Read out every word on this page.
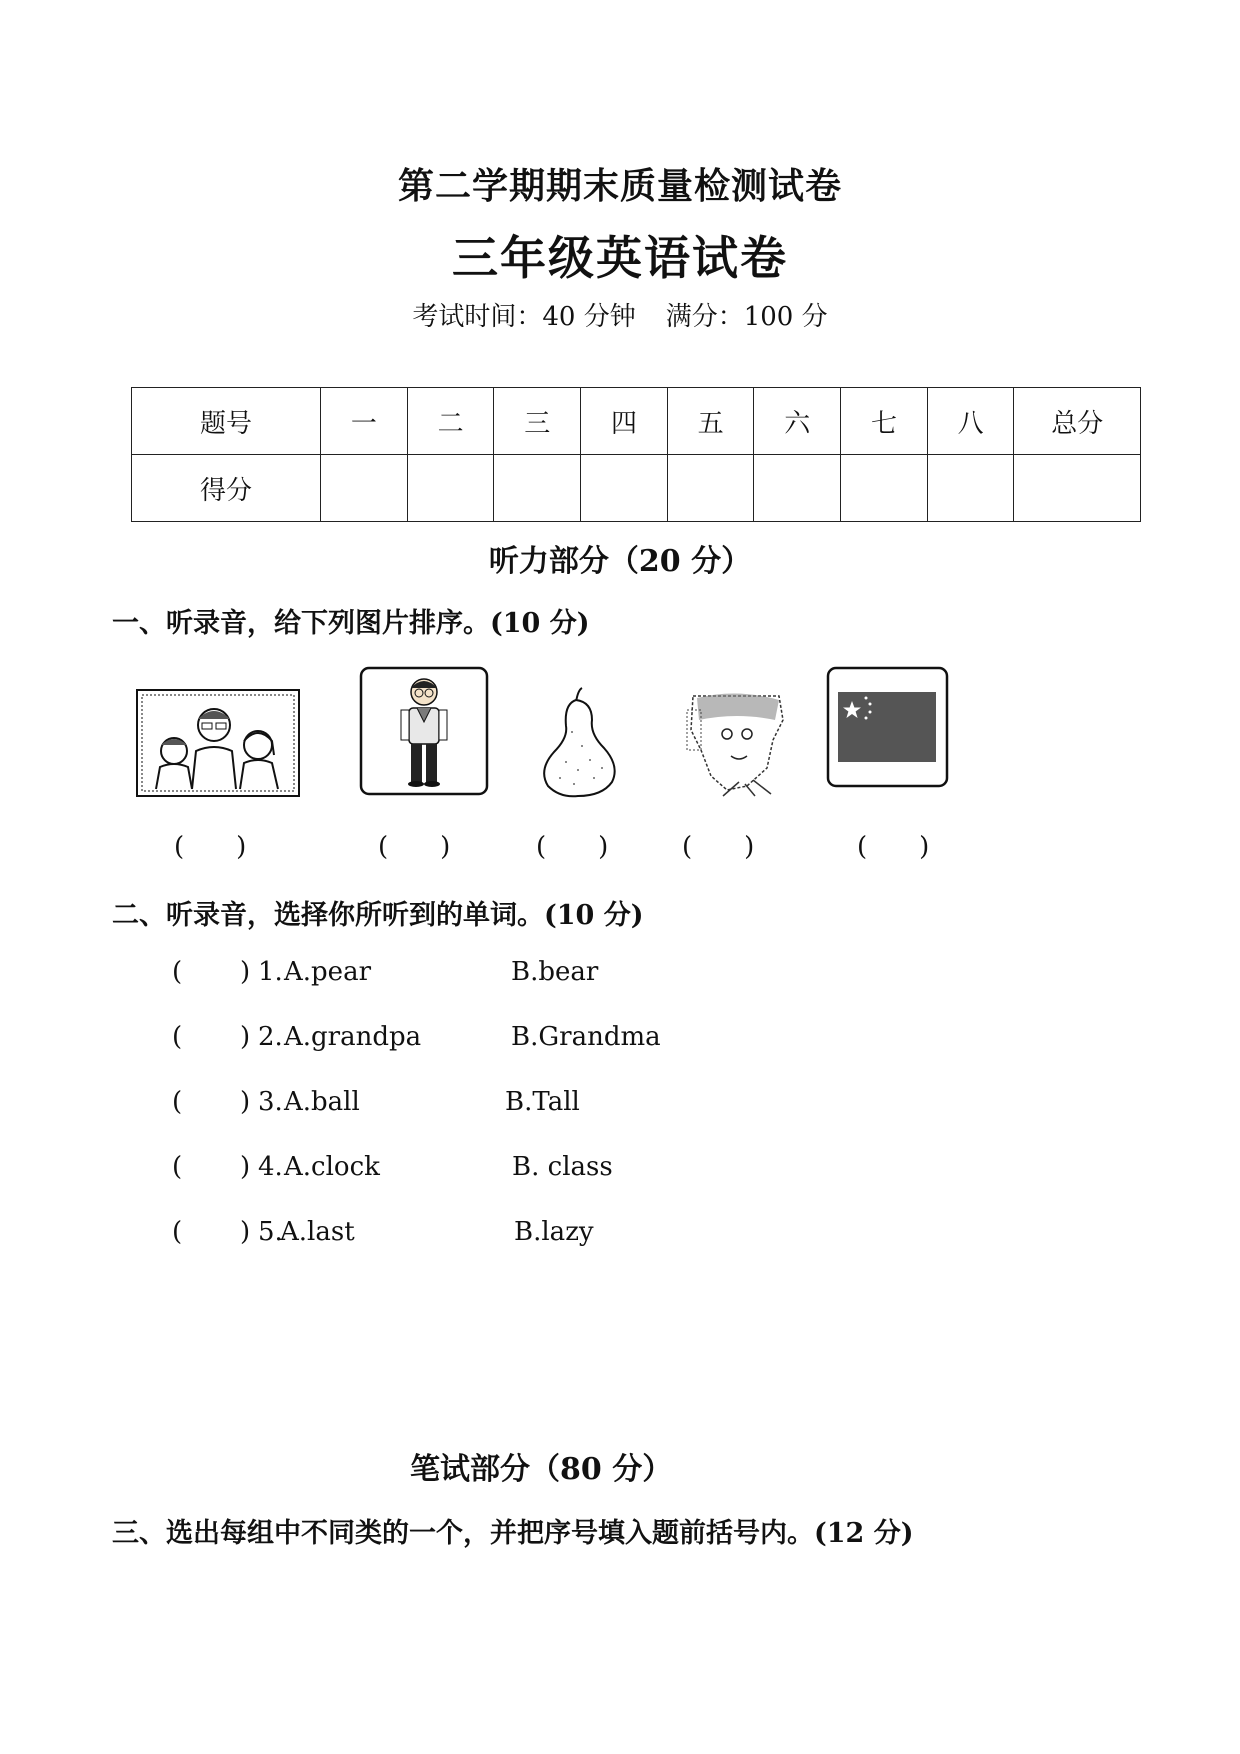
第二学期期末质量检测试卷
三年级英语试卷
考试时间：40 分钟 满分：100 分
题号	一	二	三	四	五	六	七	八	总分
得分									
听力部分（20 分）
一、听录音，给下列图片排序。(10 分)
(　　)	(　　)	(　　)	(　　)	(　　)
二、听录音，选择你所听到的单词。(10 分)
( ) 1. A.pear	B.bear
( ) 2. A.grandpa	B.Grandma
( ) 3. A.ball	B.Tall
( ) 4. A.clock	B. class
( ) 5.
A.last	B.lazy
笔试部分（80 分）
三、选出每组中不同类的一个，并把序号填入题前括号内。(12 分)
